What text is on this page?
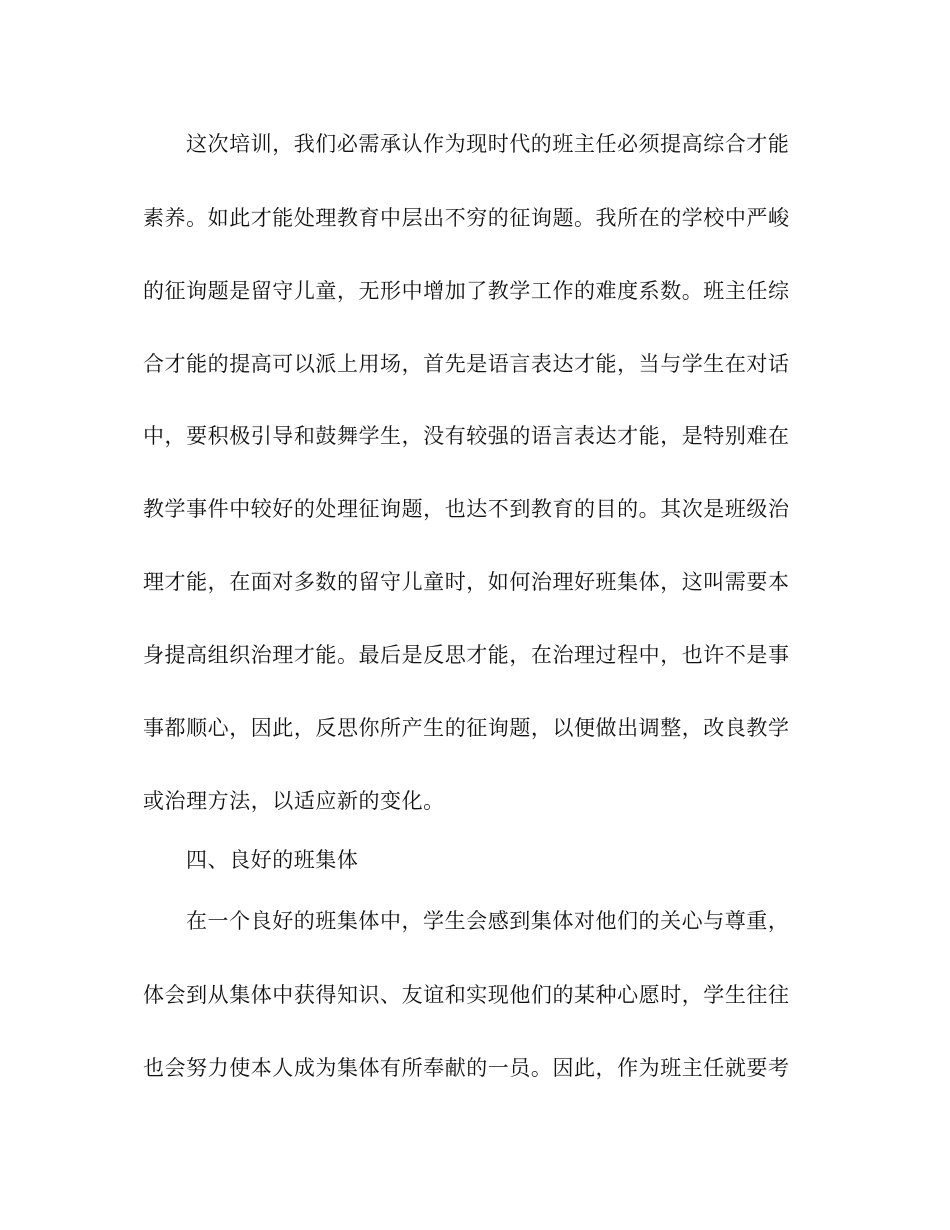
这次培训，我们必需承认作为现时代的班主任必须提高综合才能
素养。如此才能处理教育中层出不穷的征询题。我所在的学校中严峻
的征询题是留守儿童，无形中增加了教学工作的难度系数。班主任综
合才能的提高可以派上用场，首先是语言表达才能，当与学生在对话
中，要积极引导和鼓舞学生，没有较强的语言表达才能，是特别难在
教学事件中较好的处理征询题，也达不到教育的目的。其次是班级治
理才能，在面对多数的留守儿童时，如何治理好班集体，这叫需要本
身提高组织治理才能。最后是反思才能，在治理过程中，也许不是事
事都顺心，因此，反思你所产生的征询题，以便做出调整，改良教学
或治理方法，以适应新的变化。
四、良好的班集体
在一个良好的班集体中，学生会感到集体对他们的关心与尊重，
体会到从集体中获得知识、友谊和实现他们的某种心愿时，学生往往
也会努力使本人成为集体有所奉献的一员。因此，作为班主任就要考
